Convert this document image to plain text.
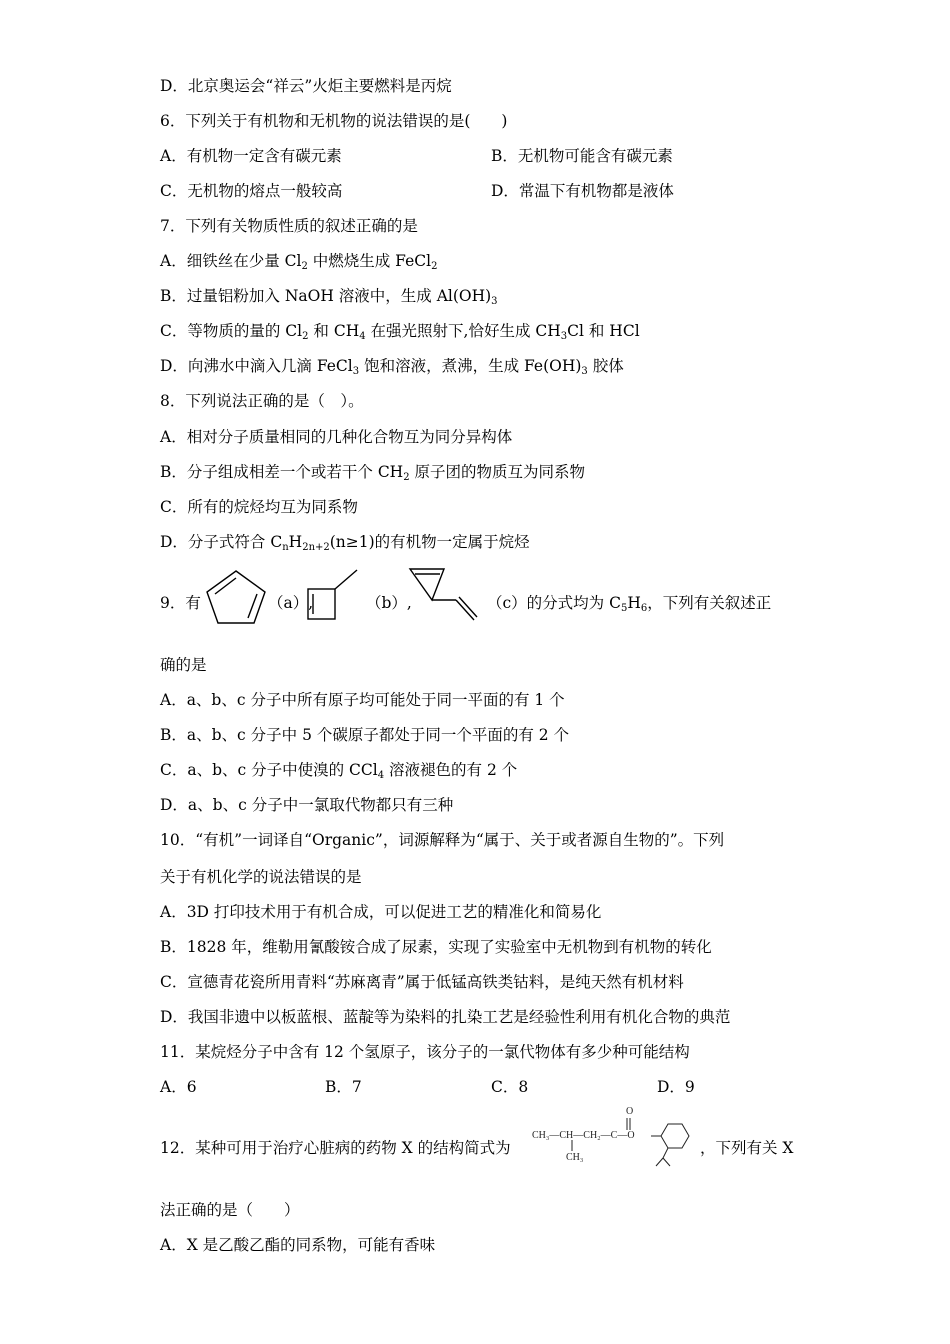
D．北京奥运会“祥云”火炬主要燃料是丙烷
6．下列关于有机物和无机物的说法错误的是(　　)
A．有机物一定含有碳元素	B．无机物可能含有碳元素
C．无机物的熔点一般较高	D．常温下有机物都是液体
7．下列有关物质性质的叙述正确的是
A．细铁丝在少量 $Cl_2$ 中燃烧生成 FeCl$_2$
B．过量铝粉加入 NaOH 溶液中，生成 $Al(OH)_3$
C．等物质的量的 $Cl_2$ 和 $CH_4$ 在强光照射下,恰好生成 $CH_3Cl$ 和 HCl
D．向沸水中滴入几滴 FeCl$_3$ 饱和溶液，煮沸，生成 $Fe(OH)_3$ 胶体
8．下列说法正确的是（　）。
A．相对分子质量相同的几种化合物互为同分异构体
B．分子组成相差一个或若干个 $CH_2$ 原子团的物质互为同系物
C．所有的烷烃均互为同系物
D．分子式符合 $C_nH_{2n+2}(n\ge 1)$的有机物一定属于烷烃
9．有	（a）,	（b）,	（c）的分式均为 $C_5H_6$，下列有关叙述正
确的是
A．a、b、c 分子中所有原子均可能处于同一平面的有 1 个
B．a、b、c 分子中 5 个碳原子都处于同一个平面的有 2 个
C．a、b、c 分子中使溴的 CCl$_4$ 溶液褪色的有 2 个
D．a、b、c 分子中一氯取代物都只有三种
10．“有机”一词译自“Organic”，词源解释为“属于、关于或者源自生物的”。下列
关于有机化学的说法错误的是
A．3D 打印技术用于有机合成，可以促进工艺的精准化和简易化
B．1828 年，维勒用氰酸铵合成了尿素，实现了实验室中无机物到有机物的转化
C．宣德青花瓷所用青料“苏麻离青”属于低锰高铁类钴料，是纯天然有机材料
D．我国非遗中以板蓝根、蓝靛等为染料的扎染工艺是经验性利用有机化合物的典范
11．某烷烃分子中含有 12 个氢原子，该分子的一氯代物体有多少种可能结构
A．6	B．7	C．8	D．9
12．某种可用于治疗心脏病的药物 X 的结构简式为
O
CH₃—CH—CH₂—C—O
CH₃
，下列有关 X
法正确的是（　　）
A．X 是乙酸乙酯的同系物，可能有香味
